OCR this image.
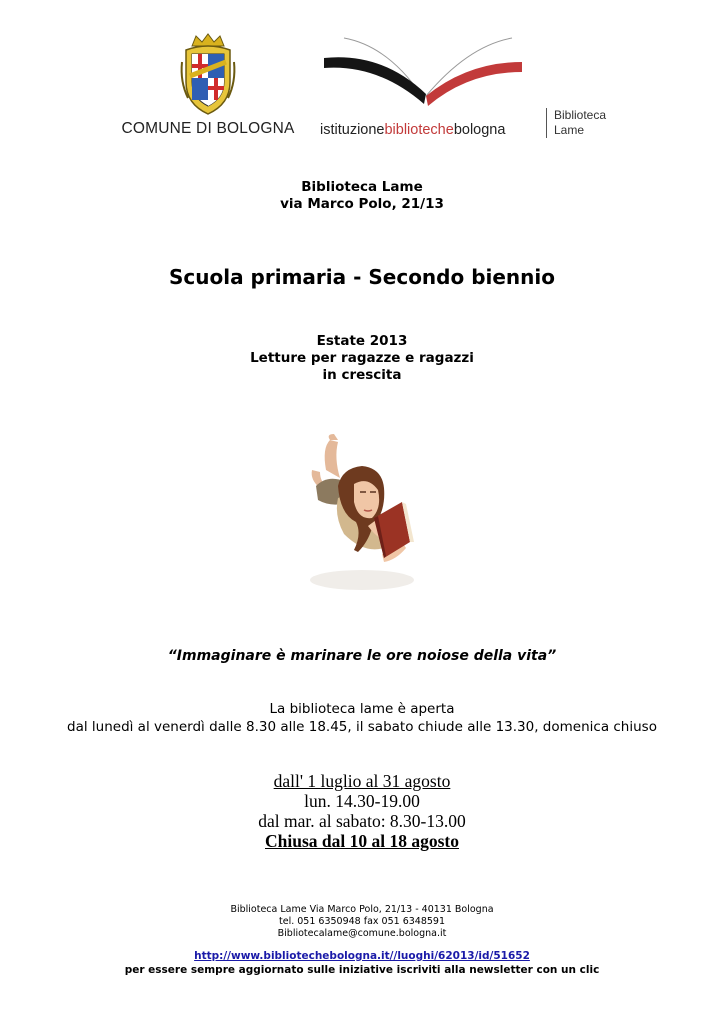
COMUNE DI BOLOGNA	istituzionebibliotechebologna
Biblioteca
Lame
Biblioteca Lame
via Marco Polo, 21/13
Scuola primaria - Secondo biennio
Estate 2013
Letture per ragazze e ragazzi
in crescita
“Immaginare è marinare le ore noiose della vita”
La biblioteca lame è aperta
dal lunedì al venerdì dalle 8.30 alle 18.45, il sabato chiude alle 13.30, domenica chiuso
dall' 1 luglio al 31 agosto
lun. 14.30-19.00
dal mar. al sabato: 8.30-13.00
Chiusa dal 10 al 18 agosto
Biblioteca Lame Via Marco Polo, 21/13 - 40131 Bologna
tel. 051 6350948 fax 051 6348591
Bibliotecalame@comune.bologna.it
http://www.bibliotechebologna.it//luoghi/62013/id/51652
per essere sempre aggiornato sulle iniziative iscriviti alla newsletter con un clic
